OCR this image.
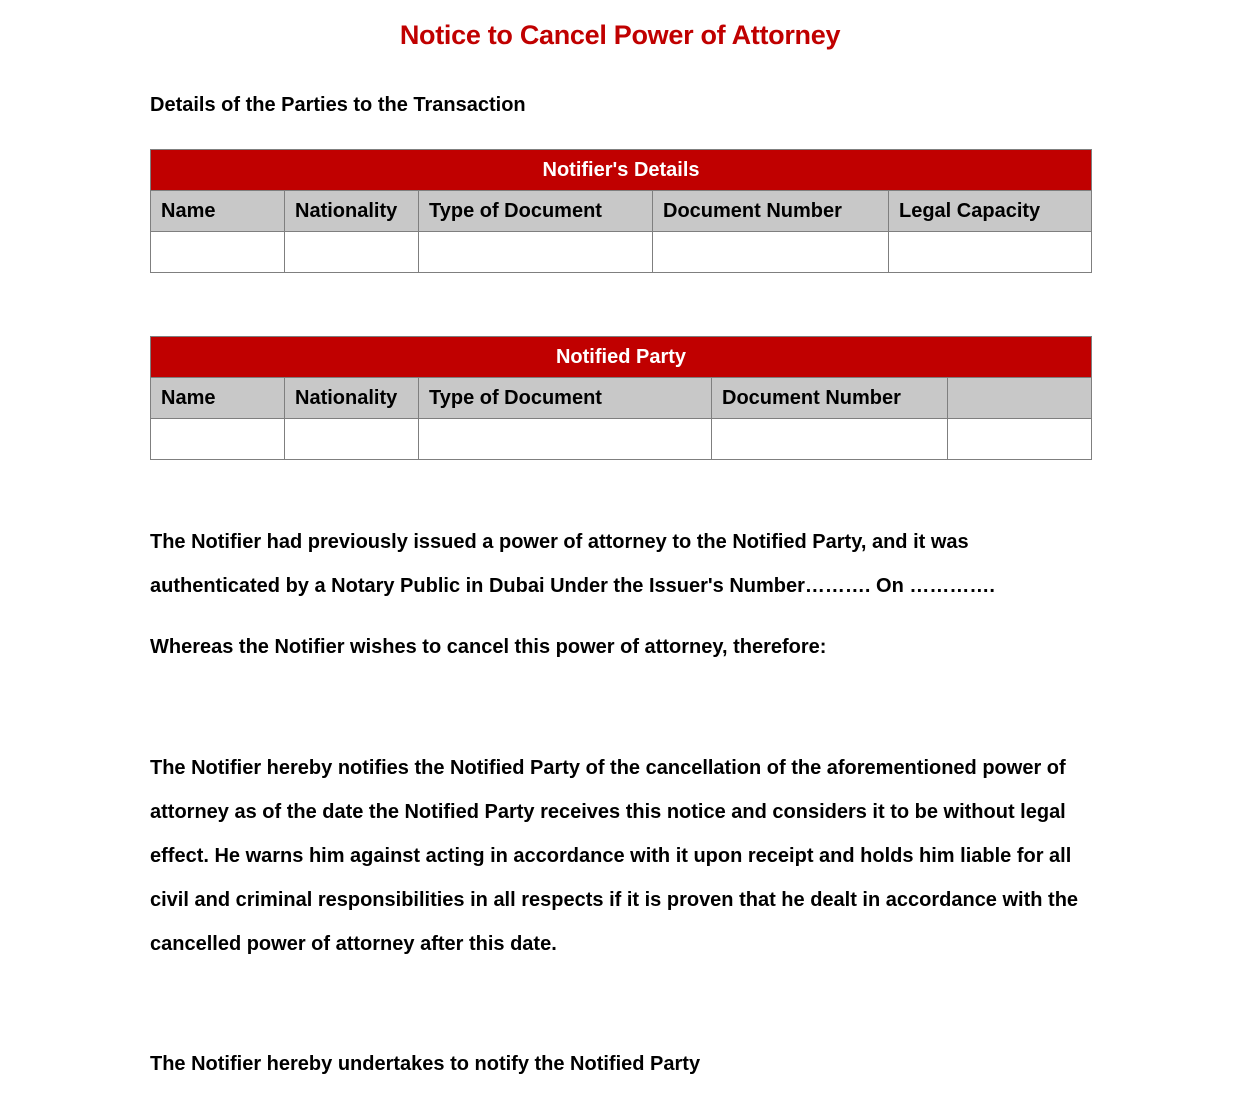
Notice to Cancel Power of Attorney
Details of the Parties to the Transaction
Notifier's Details				
Name	Nationality	Type of Document	Document Number	Legal Capacity

Notified Party				
Name	Nationality	Type of Document	Document Number	

The Notifier had previously issued a power of attorney to the Notified Party, and it was authenticated by a Notary Public in Dubai Under the Issuer's Number………. On ………….
Whereas the Notifier wishes to cancel this power of attorney, therefore:
The Notifier hereby notifies the Notified Party of the cancellation of the aforementioned power of attorney as of the date the Notified Party receives this notice and considers it to be without legal effect. He warns him against acting in accordance with it upon receipt and holds him liable for all civil and criminal responsibilities in all respects if it is proven that he dealt in accordance with the cancelled power of attorney after this date.
The Notifier hereby undertakes to notify the Notified Party
